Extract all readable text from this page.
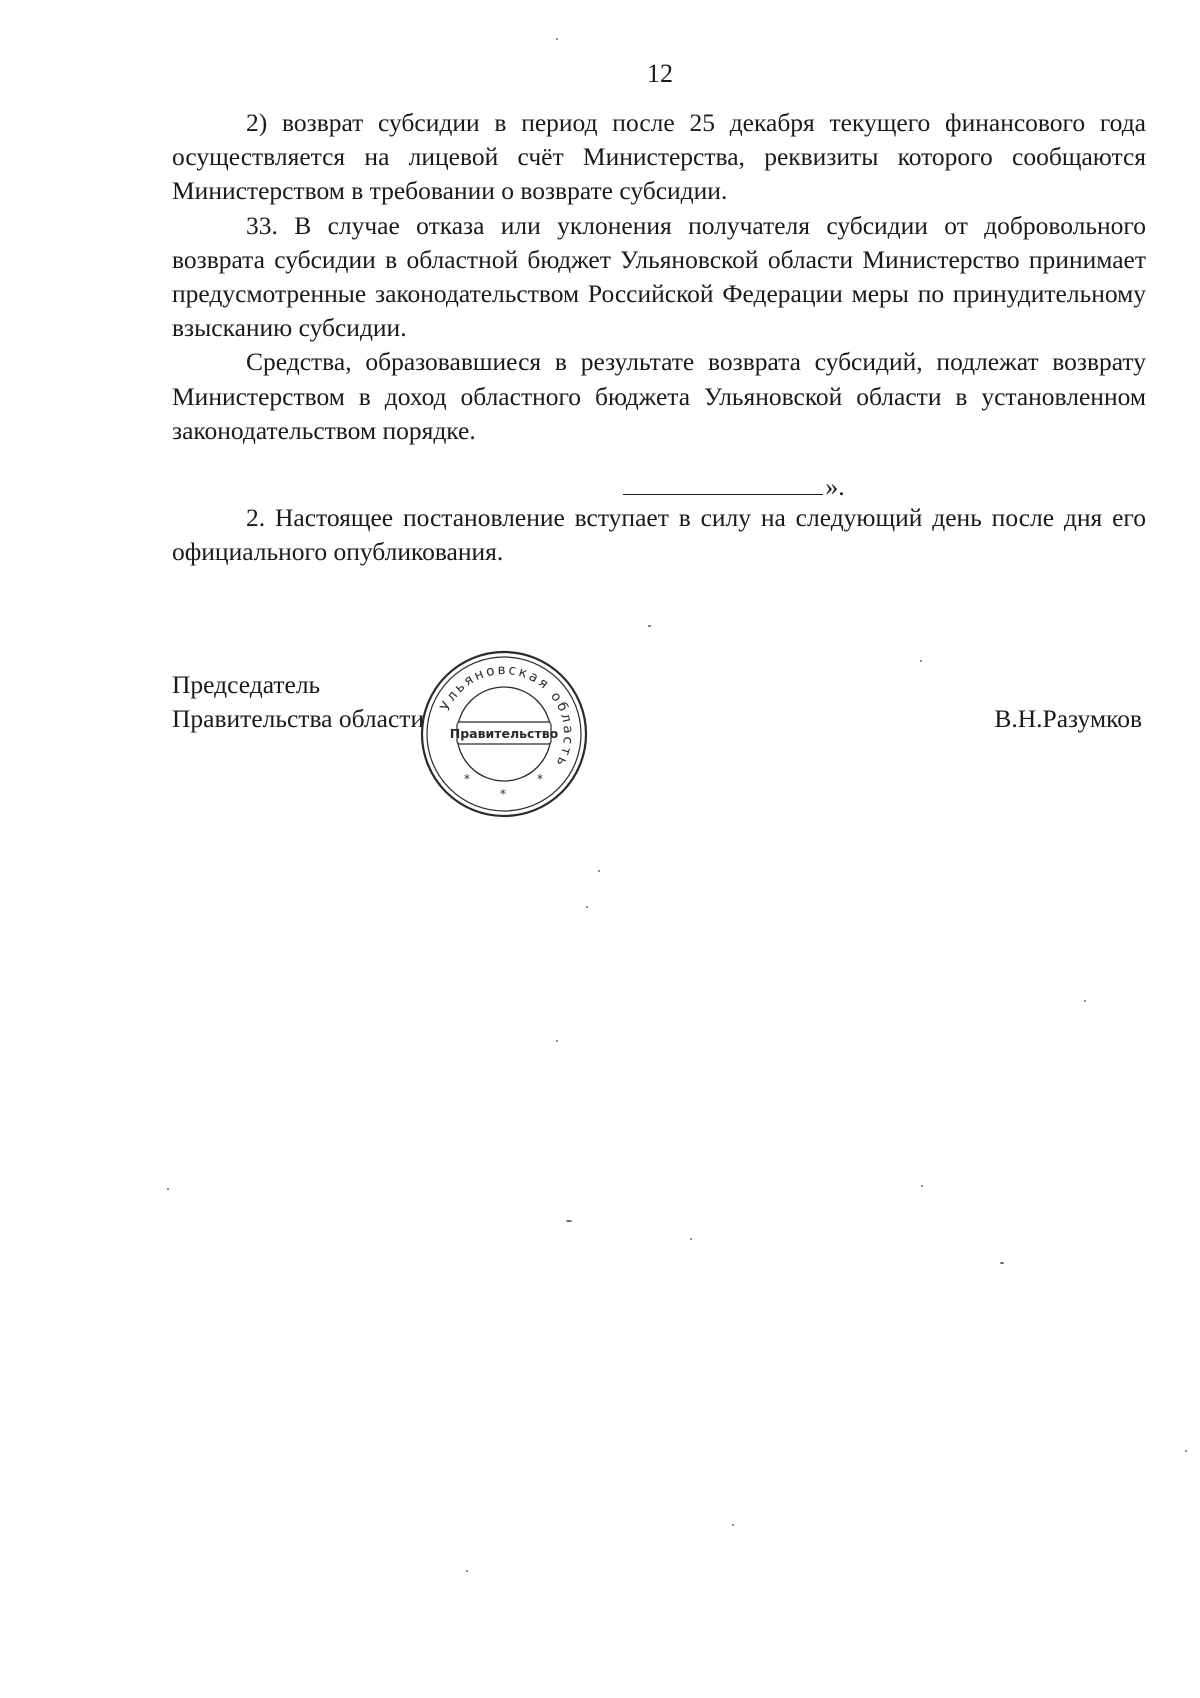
12

2) возврат субсидии в период после 25 декабря текущего финансового года осуществляется на лицевой счёт Министерства, реквизиты которого сообщаются Министерством в требовании о возврате субсидии.

33. В случае отказа или уклонения получателя субсидии от добровольного возврата субсидии в областной бюджет Ульяновской области Министерство принимает предусмотренные законодательством Российской Федерации меры по принудительному взысканию субсидии.

Средства, образовавшиеся в результате возврата субсидий, подлежат возврату Министерством в доход областного бюджета Ульяновской области в установленном законодательством порядке.

».

2. Настоящее постановление вступает в силу на следующий день после дня его официального опубликования.

Председатель
Правительства области	В.Н.Разумков
Ульяновская область
Правительство
*
*
*
